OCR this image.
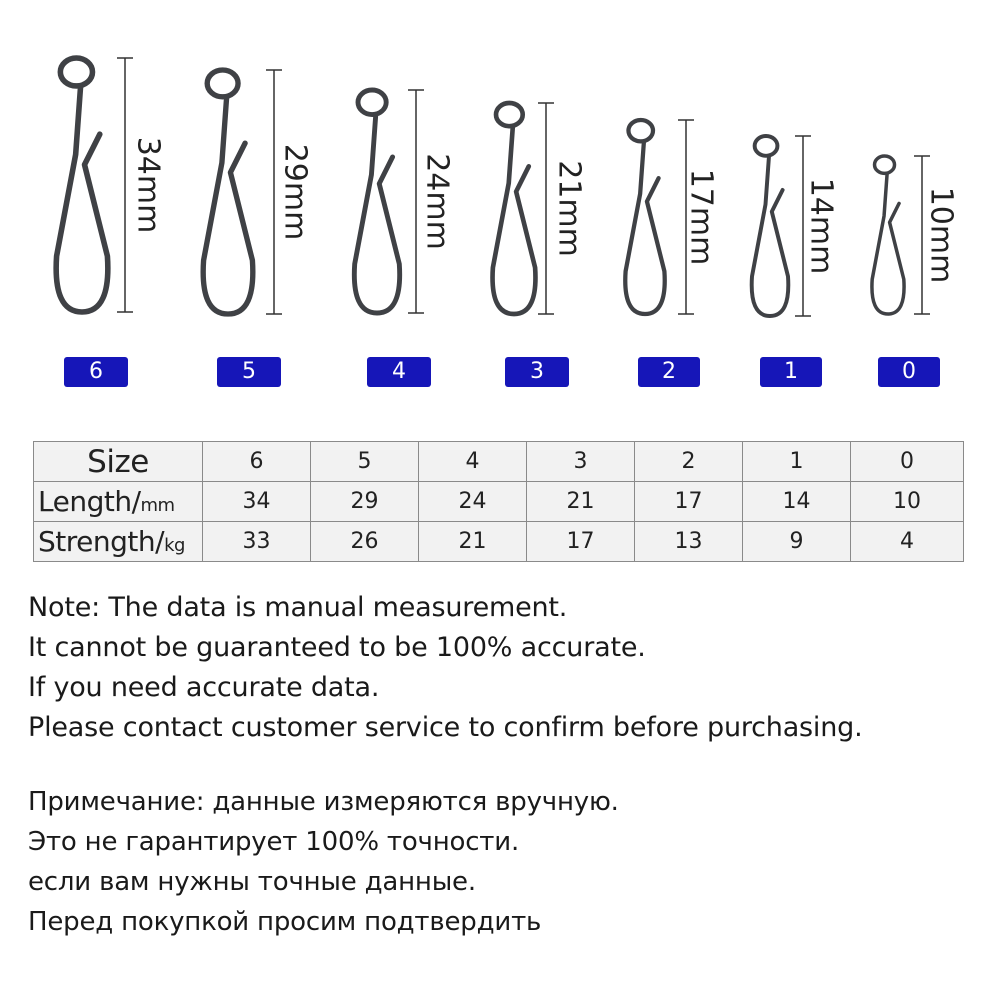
34mm	29mm	24mm	21mm	17mm	14mm	10mm
6	5	4	3	2	1	0
Size	6	5	4	3	2	1	0
Length/mm	34	29	24	21	17	14	10
Strength/kg	33	26	21	17	13	9	4
Note: The data is manual measurement.
It cannot be guaranteed to be 100% accurate.
If you need accurate data.
Please contact customer service to confirm before purchasing.
Примечание: данные измеряются вручную.
Это не гарантирует 100% точности.
если вам нужны точные данные.
Перед покупкой просим подтвердить
